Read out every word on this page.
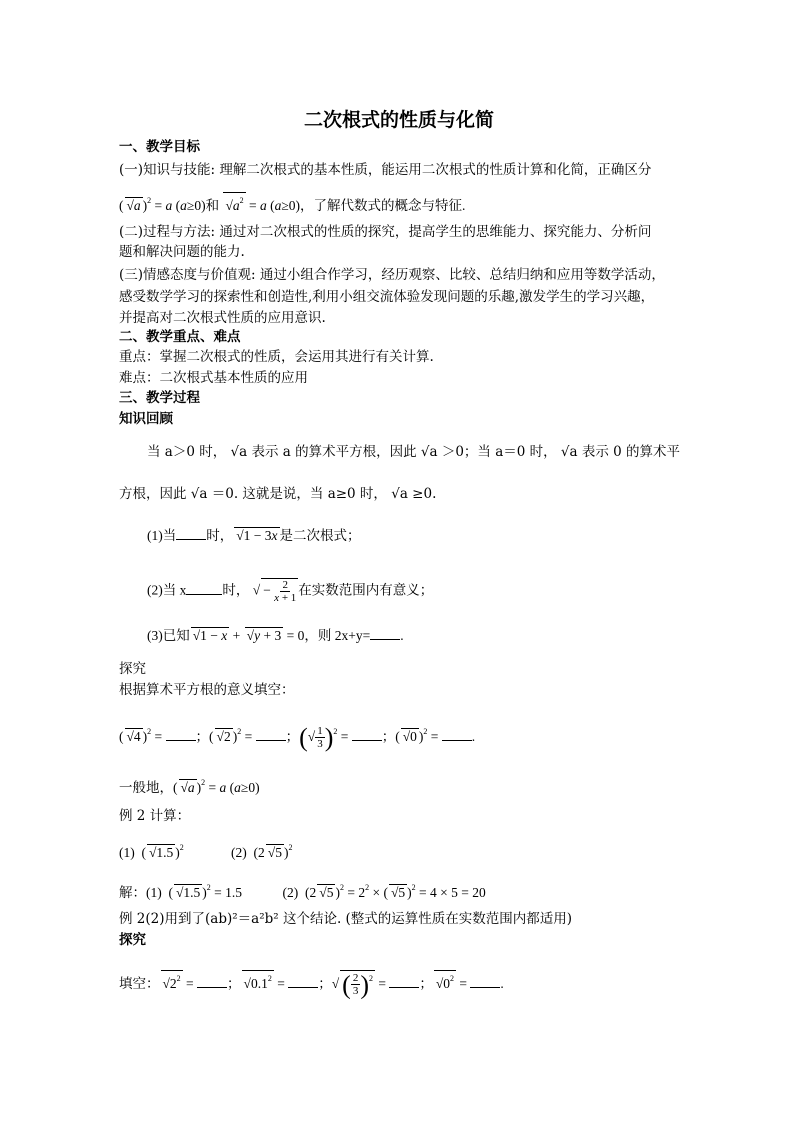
二次根式的性质与化简
一、教学目标
(一)知识与技能: 理解二次根式的基本性质，能运用二次根式的性质计算和化简，正确区分
( √ a )$^2$ = a (a≥0)和 √ $a^2 = a$ (a≥0)，了解代数式的概念与特征.
(二)过程与方法: 通过对二次根式的性质的探究，提高学生的思维能力、探究能力、分析问
题和解决问题的能力.
(三)情感态度与价值观: 通过小组合作学习，经历观察、比较、总结归纳和应用等数学活动，
感受数学学习的探索性和创造性,利用小组交流体验发现问题的乐趣,激发学生的学习兴趣，
并提高对二次根式性质的应用意识.
二、教学重点、难点
重点：掌握二次根式的性质，会运用其进行有关计算.
难点：二次根式基本性质的应用
三、教学过程
知识回顾
当 a＞0 时， √a 表示 a 的算术平方根，因此 √a ＞0；当 a＝0 时， √a 表示 0 的算术平
方根，因此 √a ＝0. 这就是说，当 a≥0 时， √a ≥0.
(1)当 时， √ 1 − 3x 是二次根式；
(2)当 x	时， √ − $\frac{2}{x + 1}$ 在实数范围内有意义；
(3)已知 √ 1 − x + √ y + 3 = 0，则 2x+y= .
探究
根据算术平方根的意义填空：
( √ 4 )$^2$ = ；( √ 2 )$^2$ = ；(√ $\frac{1}{3} )^2$ = ；( √ 0 )$^2$ = .
一般地，( √ a )$^2$ = a (a≥0)
例 2 计算：
(1)  ( √ 1.5 )$^2$              (2)  (2 √ 5 )$^2$
解：(1)  ( √ 1.5 )$^2$ = 1.5            (2)  (2 √ 5 )$^2 = 2^2$ × ( √ 5 )$^2$ = 4 × 5 = 20
例 2(2)用到了(ab)²＝a²b² 这个结论. (整式的运算性质在实数范围内都适用)
探究
填空： √ $2^2$ = ； √ $0.1^2$ = ；√ ( $\frac{2}{3} )^2$ = ； √ $0^2$ = .
